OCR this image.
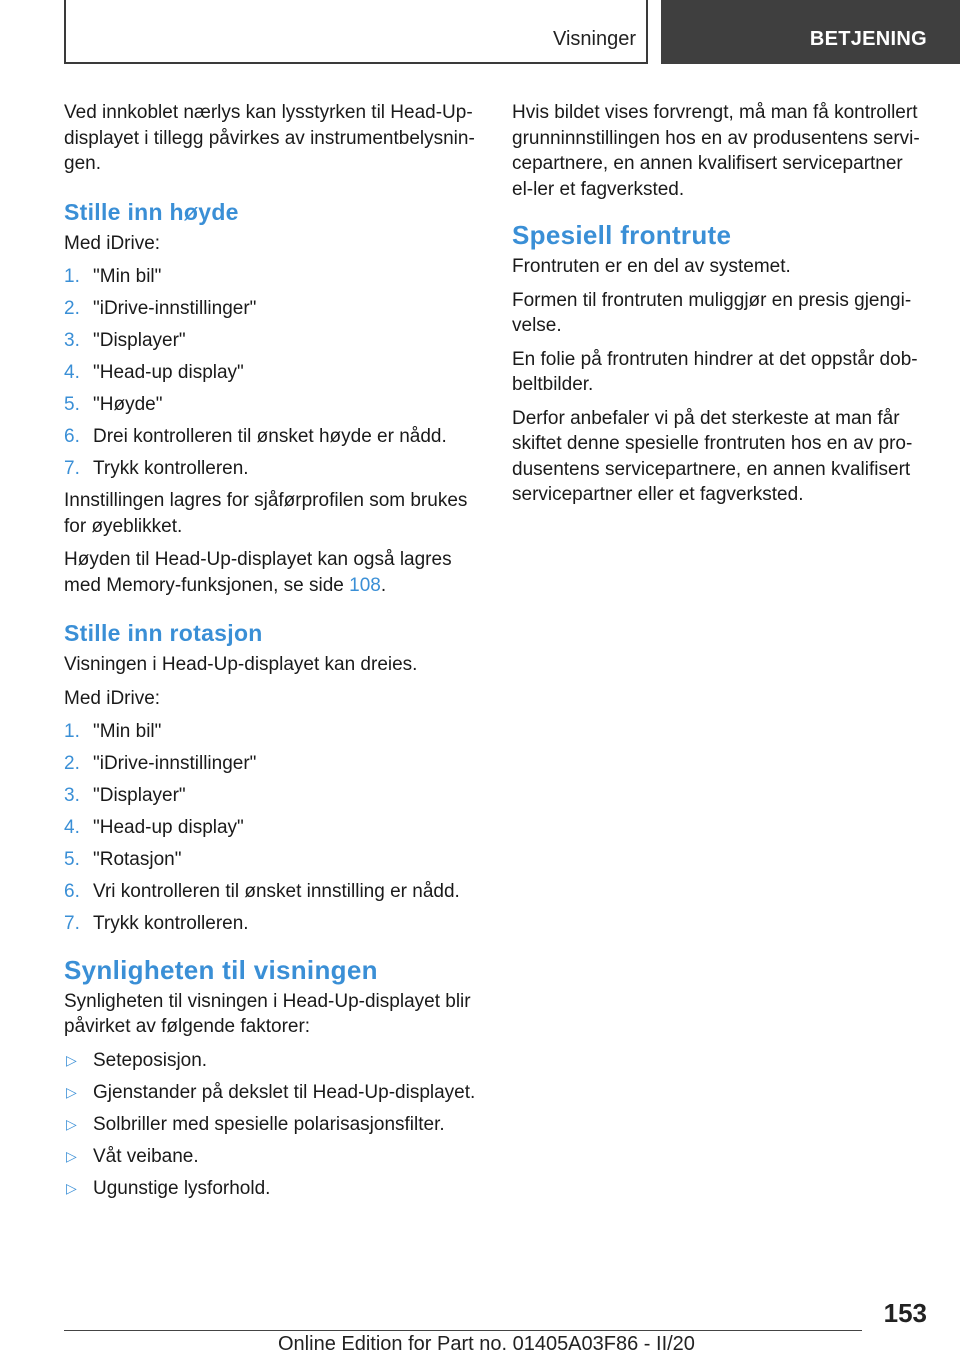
Visninger	BETJENING

Ved innkoblet nærlys kan lysstyrken til Head-Up-displayet i tillegg påvirkes av instrumentbelysnin-gen.

Stille inn høyde

Med iDrive:

1. "Min bil"
2. "iDrive-innstillinger"
3. "Displayer"
4. "Head-up display"
5. "Høyde"
6. Drei kontrolleren til ønsket høyde er nådd.
7. Trykk kontrolleren.

Innstillingen lagres for sjåførprofilen som brukes for øyeblikket.

Høyden til Head-Up-displayet kan også lagres med Memory-funksjonen, se side 108.

Stille inn rotasjon

Visningen i Head-Up-displayet kan dreies.

Med iDrive:

1. "Min bil"
2. "iDrive-innstillinger"
3. "Displayer"
4. "Head-up display"
5. "Rotasjon"
6. Vri kontrolleren til ønsket innstilling er nådd.
7. Trykk kontrolleren.
Synligheten til visningen

Synligheten til visningen i Head-Up-displayet blir påvirket av følgende faktorer:

▷ Seteposisjon.
▷ Gjenstander på dekslet til Head-Up-displayet.
▷ Solbriller med spesielle polarisasjonsfilter.
▷ Våt veibane.
▷ Ugunstige lysforhold.

Hvis bildet vises forvrengt, må man få kontrollert grunninnstillingen hos en av produsentens servi-cepartnere, en annen kvalifisert servicepartner el-ler et fagverksted.

Spesiell frontrute

Frontruten er en del av systemet.

Formen til frontruten muliggjør en presis gjengi-velse.

En folie på frontruten hindrer at det oppstår dob-beltbilder.

Derfor anbefaler vi på det sterkeste at man får skiftet denne spesielle frontruten hos en av pro-dusentens servicepartnere, en annen kvalifisert servicepartner eller et fagverksted.

153
Online Edition for Part no. 01405A03F86 - II/20
